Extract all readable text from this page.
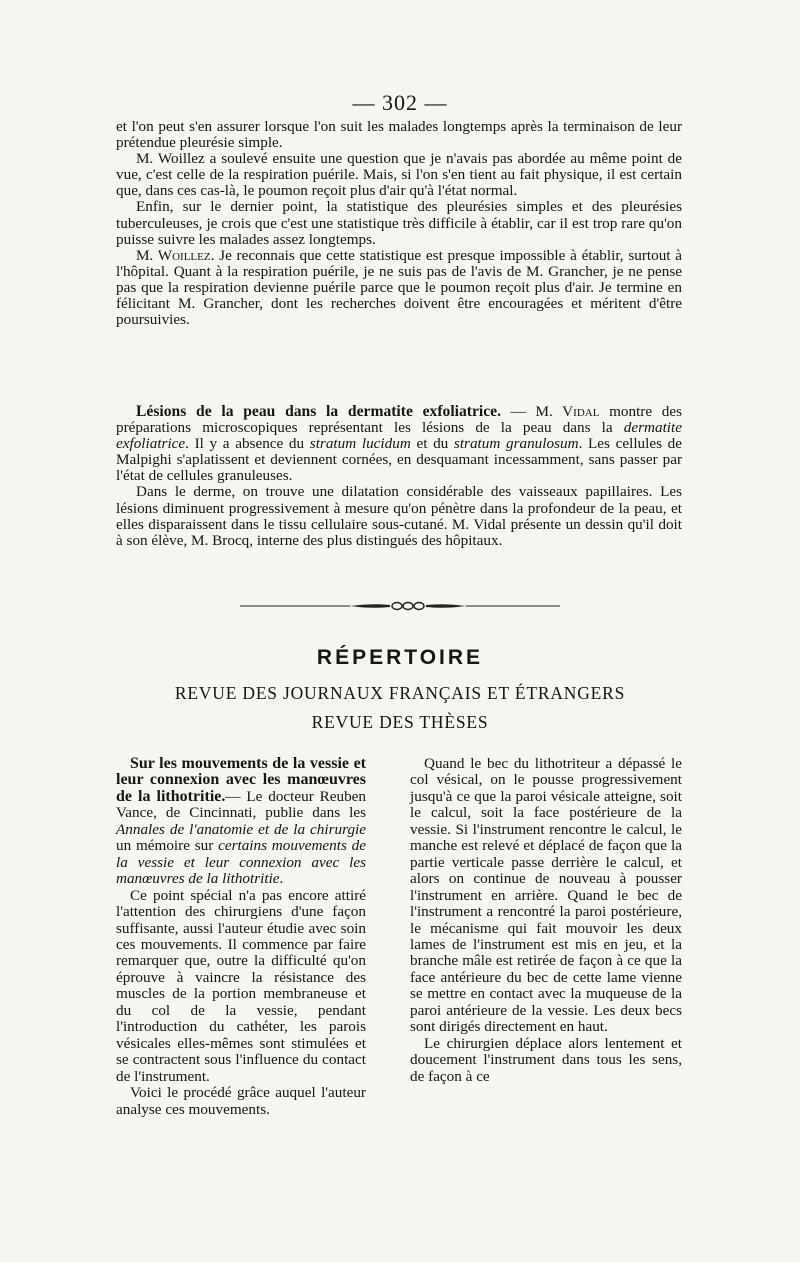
— 302 —

et l'on peut s'en assurer lorsque l'on suit les malades longtemps après la terminaison de leur prétendue pleurésie simple.

M. Woillez a soulevé ensuite une question que je n'avais pas abordée au même point de vue, c'est celle de la respiration puérile. Mais, si l'on s'en tient au fait physique, il est certain que, dans ces cas-là, le poumon reçoit plus d'air qu'à l'état normal.

Enfin, sur le dernier point, la statistique des pleurésies simples et des pleurésies tuberculeuses, je crois que c'est une statistique très difficile à établir, car il est trop rare qu'on puisse suivre les malades assez longtemps.

M. Woillez. Je reconnais que cette statistique est presque impossible à établir, surtout à l'hôpital. Quant à la respiration puérile, je ne suis pas de l'avis de M. Grancher, je ne pense pas que la respiration devienne puérile parce que le poumon reçoit plus d'air. Je termine en félicitant M. Grancher, dont les recherches doivent être encouragées et méritent d'être poursuivies.

Lésions de la peau dans la dermatite exfoliatrice. — M. Vidal montre des préparations microscopiques représentant les lésions de la peau dans la dermatite exfoliatrice. Il y a absence du stratum lucidum et du stratum granulosum. Les cellules de Malpighi s'aplatissent et deviennent cornées, en desquamant incessamment, sans passer par l'état de cellules granuleuses.

Dans le derme, on trouve une dilatation considérable des vaisseaux papillaires. Les lésions diminuent progressivement à mesure qu'on pénètre dans la profondeur de la peau, et elles disparaissent dans le tissu cellulaire sous-cutané. M. Vidal présente un dessin qu'il doit à son élève, M. Brocq, interne des plus distingués des hôpitaux.

RÉPERTOIRE
REVUE DES JOURNAUX FRANÇAIS ET ÉTRANGERS
REVUE DES THÈSES

Sur les mouvements de la vessie et leur connexion avec les manœuvres de la lithotritie.— Le docteur Reuben Vance, de Cincinnati, publie dans les Annales de l'anatomie et de la chirurgie un mémoire sur certains mouvements de la vessie et leur connexion avec les manœuvres de la lithotritie.

Ce point spécial n'a pas encore attiré l'attention des chirurgiens d'une façon suffisante, aussi l'auteur étudie avec soin ces mouvements. Il commence par faire remarquer que, outre la difficulté qu'on éprouve à vaincre la résistance des muscles de la portion membraneuse et du col de la vessie, pendant l'introduction du cathéter, les parois vésicales elles-mêmes sont stimulées et se contractent sous l'influence du contact de l'instrument.

Voici le procédé grâce auquel l'auteur analyse ces mouvements.

Quand le bec du lithotriteur a dépassé le col vésical, on le pousse progressivement jusqu'à ce que la paroi vésicale atteigne, soit le calcul, soit la face postérieure de la vessie. Si l'instrument rencontre le calcul, le manche est relevé et déplacé de façon que la partie verticale passe derrière le calcul, et alors on continue de nouveau à pousser l'instrument en arrière. Quand le bec de l'instrument a rencontré la paroi postérieure, le mécanisme qui fait mouvoir les deux lames de l'instrument est mis en jeu, et la branche mâle est retirée de façon à ce que la face antérieure du bec de cette lame vienne se mettre en contact avec la muqueuse de la paroi antérieure de la vessie. Les deux becs sont dirigés directement en haut.

Le chirurgien déplace alors lentement et doucement l'instrument dans tous les sens, de façon à ce
